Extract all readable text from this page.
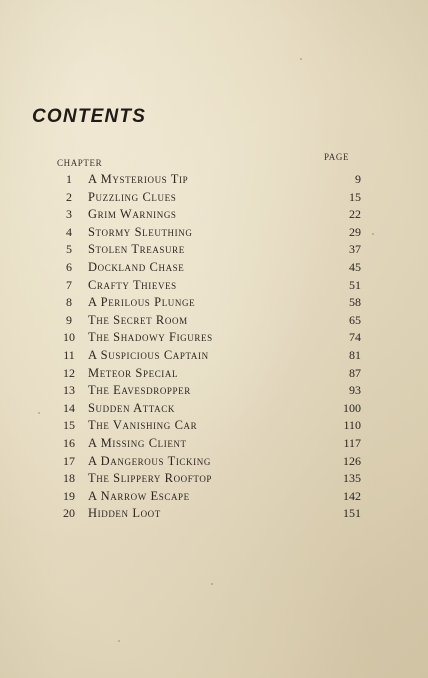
CONTENTS
CHAPTER
PAGE
1	A Mysterious Tip	9
2	Puzzling Clues	15
3	Grim Warnings	22
4	Stormy Sleuthing	29
5	Stolen Treasure	37
6	Dockland Chase	45
7	Crafty Thieves	51
8	A Perilous Plunge	58
9	The Secret Room	65
10	The Shadowy Figures	74
11	A Suspicious Captain	81
12	Meteor Special	87
13	The Eavesdropper	93
14	Sudden Attack	100
15	The Vanishing Car	110
16	A Missing Client	117
17	A Dangerous Ticking	126
18	The Slippery Rooftop	135
19	A Narrow Escape	142
20	Hidden Loot	151
